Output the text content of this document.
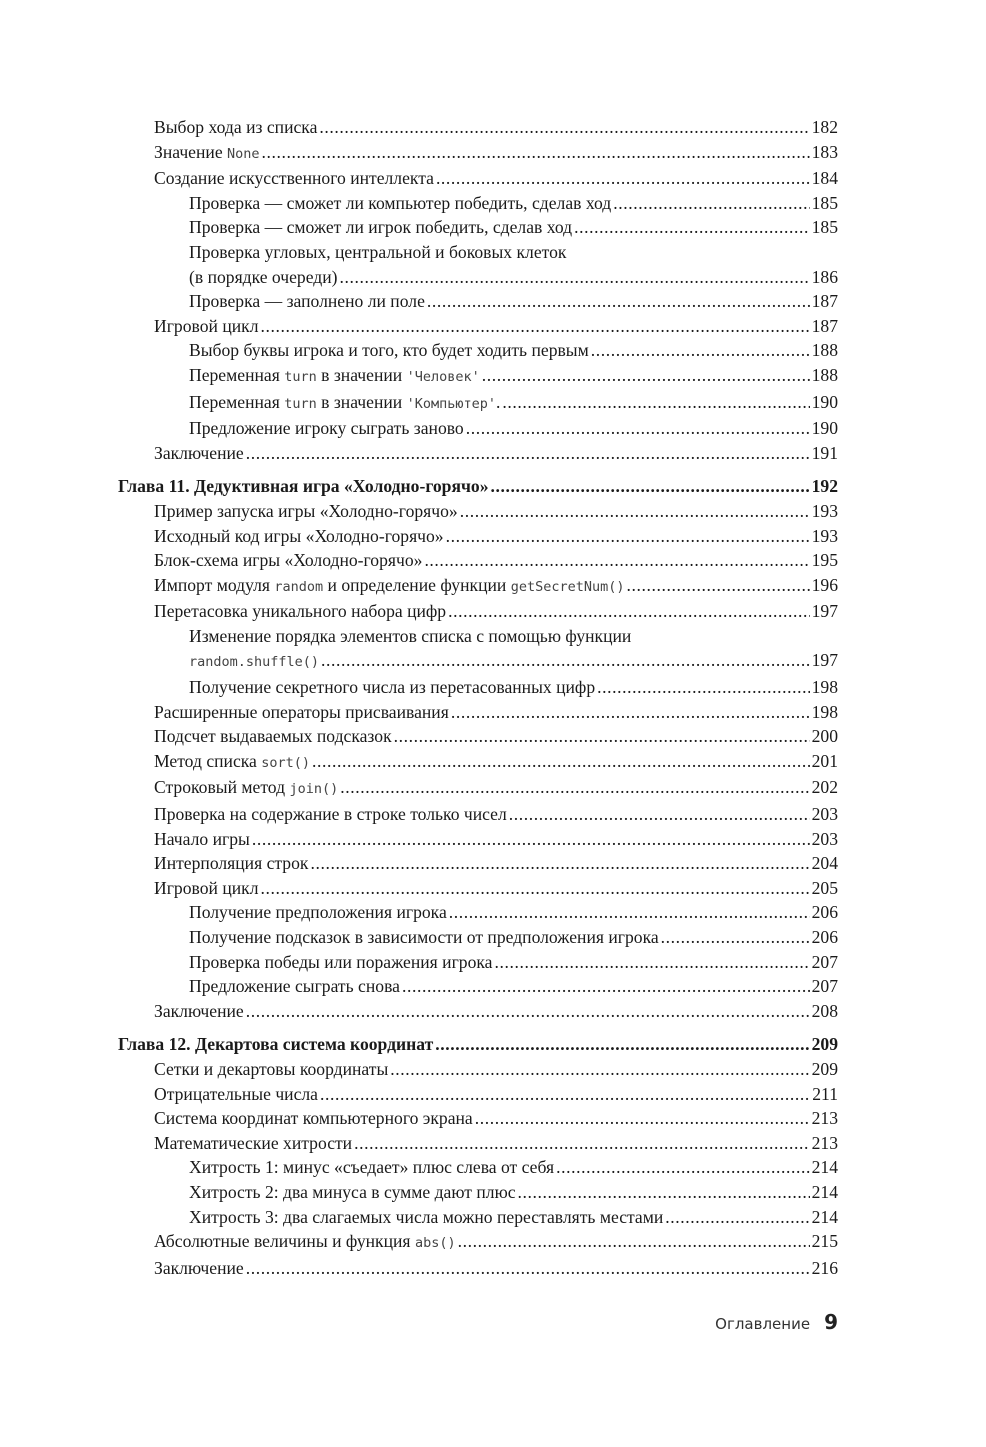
Выбор хода из списка .....	182
Значение None .....	183
Создание искусственного интеллекта .....	184
Проверка — сможет ли компьютер победить, сделав ход .....	185
Проверка — сможет ли игрок победить, сделав ход .....	185
Проверка угловых, центральной и боковых клеток
(в порядке очереди) .....	186
Проверка — заполнено ли поле .....	187
Игровой цикл .....	187
Выбор буквы игрока и того, кто будет ходить первым .....	188
Переменная turn в значении 'Человек' .....	188
Переменная turn в значении 'Компьютер'. .....	190
Предложение игроку сыграть заново .....	190
Заключение .....	191
Глава 11. Дедуктивная игра «Холодно-горячо» .....	192
Пример запуска игры «Холодно-горячо» .....	193
Исходный код игры «Холодно-горячо» .....	193
Блок-схема игры «Холодно-горячо» .....	195
Импорт модуля random и определение функции getSecretNum() .....	196
Перетасовка уникального набора цифр .....	197
Изменение порядка элементов списка с помощью функции
random.shuffle() .....	197
Получение секретного числа из перетасованных цифр .....	198
Расширенные операторы присваивания .....	198
Подсчет выдаваемых подсказок .....	200
Метод списка sort() .....	201
Строковый метод join() .....	202
Проверка на содержание в строке только чисел .....	203
Начало игры .....	203
Интерполяция строк .....	204
Игровой цикл .....	205
Получение предположения игрока .....	206
Получение подсказок в зависимости от предположения игрока .....	206
Проверка победы или поражения игрока .....	207
Предложение сыграть снова .....	207
Заключение .....	208
Глава 12. Декартова система координат .....	209
Сетки и декартовы координаты .....	209
Отрицательные числа .....	211
Система координат компьютерного экрана .....	213
Математические хитрости .....	213
Хитрость 1: минус «съедает» плюс слева от себя .....	214
Хитрость 2: два минуса в сумме дают плюс .....	214
Хитрость 3: два слагаемых числа можно переставлять местами .....	214
Абсолютные величины и функция abs() .....	215
Заключение .....	216
Оглавление 9
